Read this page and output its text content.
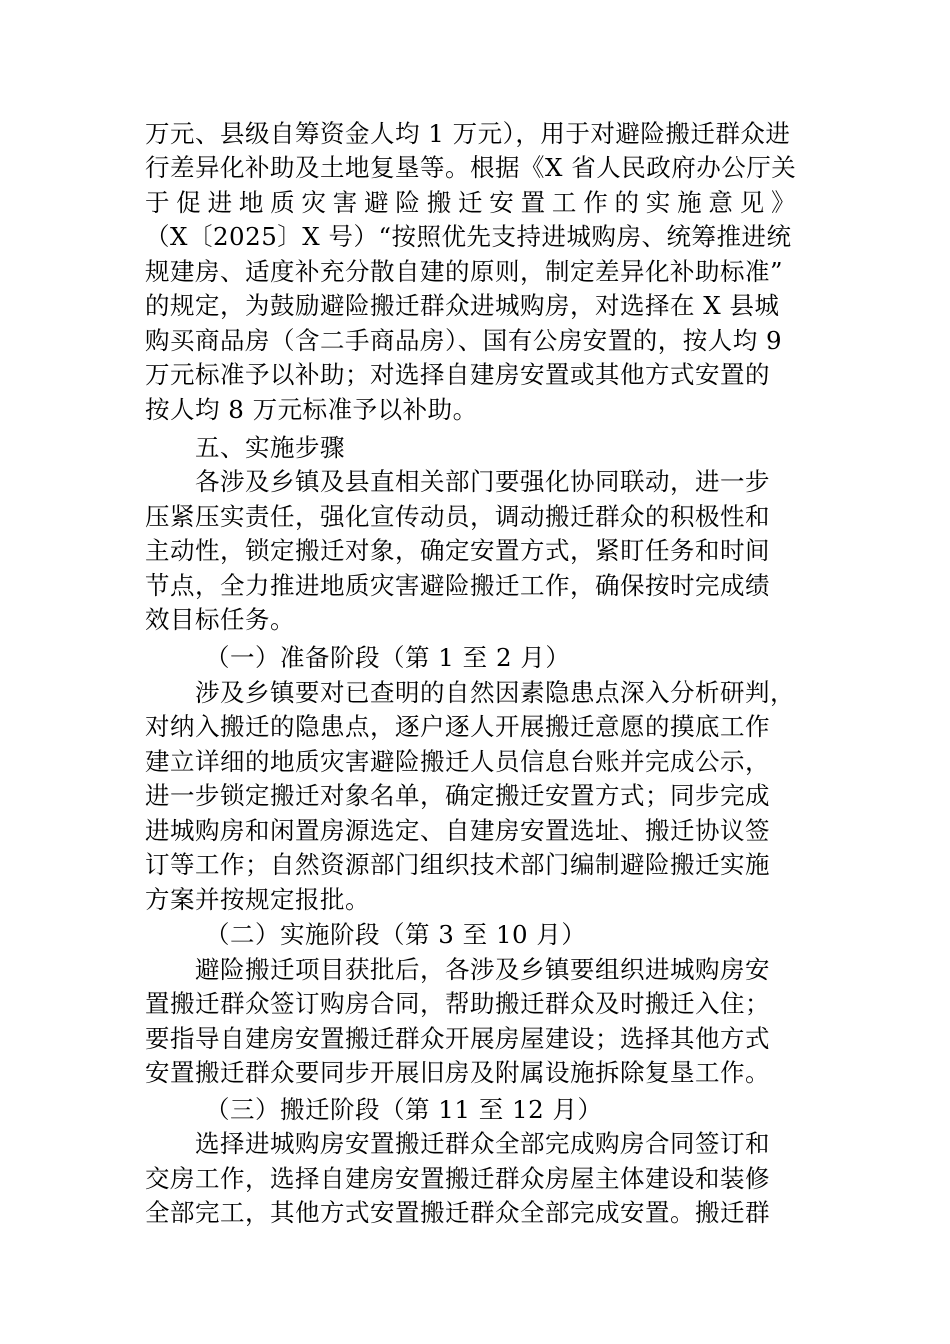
万元、县级自筹资金人均 1 万元），用于对避险搬迁群众进
行差异化补助及土地复垦等。根据《X 省人民政府办公厅关
于促进地质灾害避险搬迁安置工作的实施意见》
（X〔2025〕X 号）“按照优先支持进城购房、统筹推进统
规建房、适度补充分散自建的原则，制定差异化补助标准”
的规定，为鼓励避险搬迁群众进城购房，对选择在 X 县城
购买商品房（含二手商品房）、国有公房安置的，按人均 9
万元标准予以补助；对选择自建房安置或其他方式安置的
按人均 8 万元标准予以补助。
五、实施步骤
各涉及乡镇及县直相关部门要强化协同联动，进一步
压紧压实责任，强化宣传动员，调动搬迁群众的积极性和
主动性，锁定搬迁对象，确定安置方式，紧盯任务和时间
节点，全力推进地质灾害避险搬迁工作，确保按时完成绩
效目标任务。
（一）准备阶段（第 1 至 2 月）
涉及乡镇要对已查明的自然因素隐患点深入分析研判，
对纳入搬迁的隐患点，逐户逐人开展搬迁意愿的摸底工作
建立详细的地质灾害避险搬迁人员信息台账并完成公示，
进一步锁定搬迁对象名单，确定搬迁安置方式；同步完成
进城购房和闲置房源选定、自建房安置选址、搬迁协议签
订等工作；自然资源部门组织技术部门编制避险搬迁实施
方案并按规定报批。
（二）实施阶段（第 3 至 10 月）
避险搬迁项目获批后，各涉及乡镇要组织进城购房安
置搬迁群众签订购房合同，帮助搬迁群众及时搬迁入住；
要指导自建房安置搬迁群众开展房屋建设；选择其他方式
安置搬迁群众要同步开展旧房及附属设施拆除复垦工作。
（三）搬迁阶段（第 11 至 12 月）
选择进城购房安置搬迁群众全部完成购房合同签订和
交房工作，选择自建房安置搬迁群众房屋主体建设和装修
全部完工，其他方式安置搬迁群众全部完成安置。搬迁群
